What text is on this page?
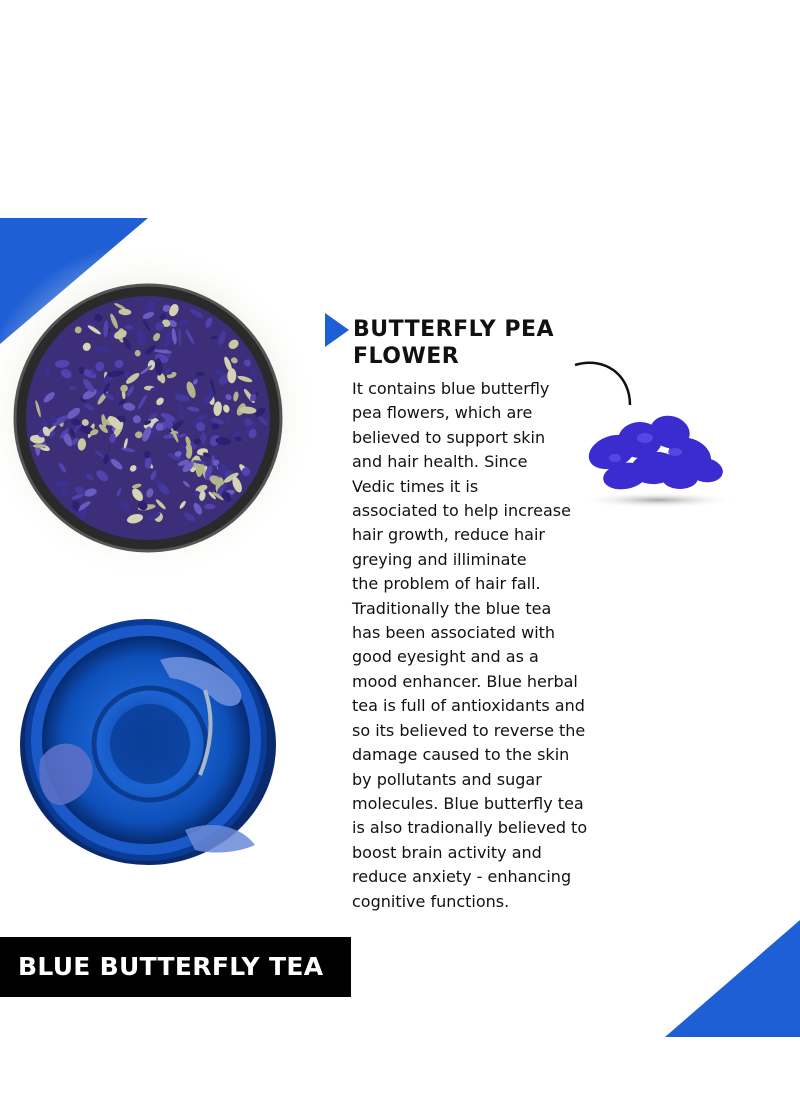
BUTTERFLY PEA
FLOWER

It contains blue butterfly
pea flowers, which are
believed to support skin
and hair health. Since
Vedic times it is
associated to help increase
hair growth, reduce hair
greying and illiminate
the problem of hair fall.
Traditionally the blue tea
has been associated with
good eyesight and as a
mood enhancer. Blue herbal
tea is full of antioxidants and
so its believed to reverse the
damage caused to the skin
by pollutants and sugar
molecules. Blue butterfly tea
is also tradionally believed to
boost brain activity and
reduce anxiety - enhancing
cognitive functions.

BLUE BUTTERFLY TEA
